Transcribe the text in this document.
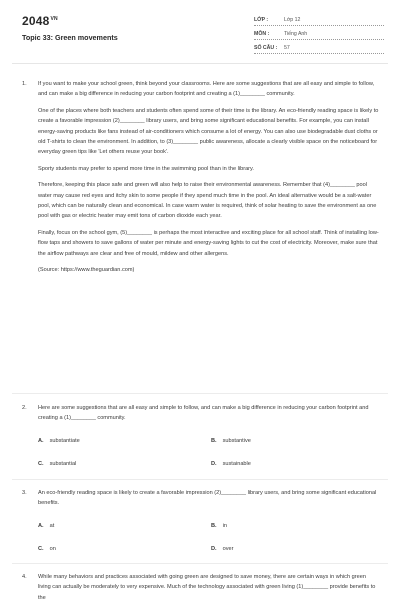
$2048^{VN}$
Topic 33: Green movements
LỚP :	Lớp 12
MÔN :	Tiếng Anh
SỐ CÂU : 57
1. If you want to make your school green, think beyond your classrooms. Here are some suggestions that are all easy and simple to follow, and can make a big difference in reducing your carbon footprint and creating a (1)________ community.

One of the places where both teachers and students often spend some of their time is the library. An eco-friendly reading space is likely to create a favorable impression (2)________ library users, and bring some significant educational benefits. For example, you can install energy-saving products like fans instead of air-conditioners which consume a lot of energy. You can also use biodegradable dust cloths or old T-shirts to clean the environment. In addition, to (3)________ public awareness, allocate a clearly visible space on the noticeboard for everyday green tips like 'Let others reuse your book'.

Sporty students may prefer to spend more time in the swimming pool than in the library.

Therefore, keeping this place safe and green will also help to raise their environmental awareness. Remember that (4)________ pool water may cause red eyes and itchy skin to some people if they spend much time in the pool. An ideal alternative would be a salt-water pool, which can be naturally clean and economical. In case warm water is required, think of solar heating to save the environment as one pool with gas or electric heater may emit tons of carbon dioxide each year.

Finally, focus on the school gym, (5)________ is perhaps the most interactive and exciting place for all school staff. Think of installing low-flow taps and showers to save gallons of water per minute and energy-saving lights to cut the cost of electricity. Moreover, make sure that the airflow pathways are clear and free of mould, mildew and other allergens.

(Source: https://www.theguardian.com)

2. Here are some suggestions that are all easy and simple to follow, and can make a big difference in reducing your carbon footprint and creating a (1)________ community.
A. substantiate	B. substantive
C. substantial	D. sustainable
3. An eco-friendly reading space is likely to create a favorable impression (2)________ library users, and bring some significant educational benefits.
A. at	B. in
C. on	D. over
4. While many behaviors and practices associated with going green are designed to save money, there are certain ways in which green living can actually be moderately to very expensive. Much of the technology associated with green living (1)________ provide benefits to the
